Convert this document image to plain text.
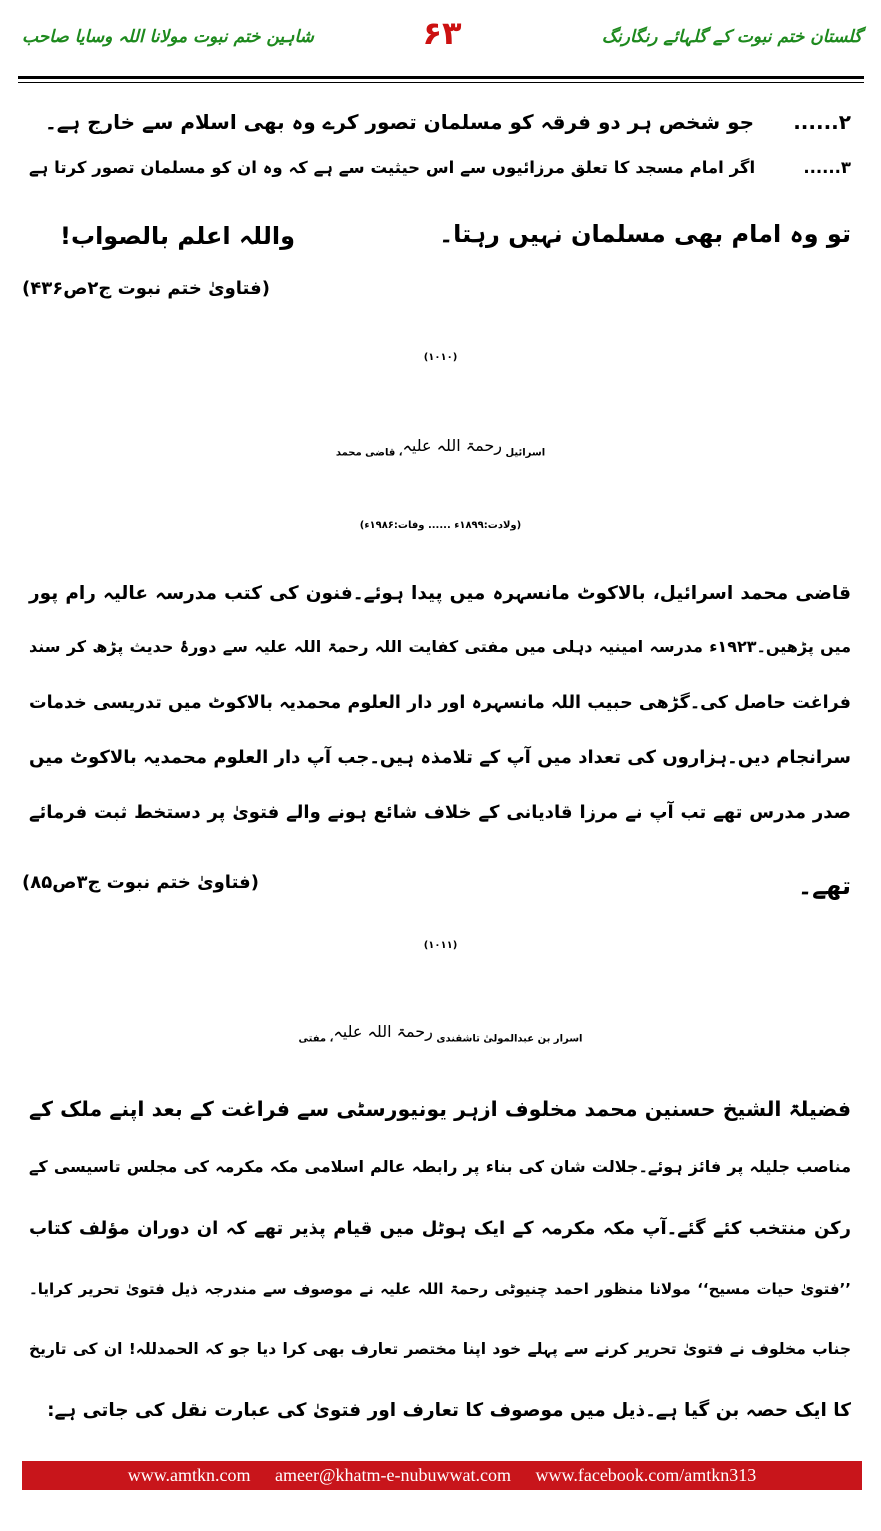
گلستان ختم نبوت کے گلہائے رنگارنگ
۶۳
شاہین ختم نبوت مولانا اللہ وسایا صاحب
۲...... جو شخص ہر دو فرقہ کو مسلمان تصور کرے وہ بھی اسلام سے خارج ہے۔
۳...... اگر امام مسجد کا تعلق مرزائیوں سے اس حیثیت سے ہے کہ وہ ان کو مسلمان تصور کرتا ہے
تو وہ امام بھی مسلمان نہیں رہتا۔
واللہ اعلم بالصواب!
(فتاویٰ ختم نبوت ج۲ص۴۳۶)
(۱۰۱۰)
اسرائیل رحمۃ اللہ علیہ، قاضی محمد
(ولادت:۱۸۹۹ء ...... وفات:۱۹۸۶ء)
قاضی محمد اسرائیل، بالاکوٹ مانسہرہ میں پیدا ہوئے۔فنون کی کتب مدرسہ عالیہ رام پور
میں پڑھیں۔۱۹۲۳ء مدرسہ امینیہ دہلی میں مفتی کفایت اللہ رحمۃ اللہ علیہ سے دورۂ حدیث پڑھ کر سند
فراغت حاصل کی۔گڑھی حبیب اللہ مانسہرہ اور دار العلوم محمدیہ بالاکوٹ میں تدریسی خدمات
سرانجام دیں۔ہزاروں کی تعداد میں آپ کے تلامذہ ہیں۔جب آپ دار العلوم محمدیہ بالاکوٹ میں
صدر مدرس تھے تب آپ نے مرزا قادیانی کے خلاف شائع ہونے والے فتویٰ پر دستخط ثبت فرمائے
تھے۔
(فتاویٰ ختم نبوت ج۳ص۸۵)
(۱۰۱۱)
اسرار بن عبدالمولیٰ تاشقندی رحمۃ اللہ علیہ، مفتی
فضیلۃ الشیخ حسنین محمد مخلوف ازہر یونیورسٹی سے فراغت کے بعد اپنے ملک کے
مناصب جلیلہ پر فائز ہوئے۔جلالت شان کی بناء پر رابطہ عالم اسلامی مکہ مکرمہ کی مجلس تاسیسی کے
رکن منتخب کئے گئے۔آپ مکہ مکرمہ کے ایک ہوٹل میں قیام پذیر تھے کہ ان دوران مؤلف کتاب
’’فتویٰ حیات مسیح‘‘ مولانا منظور احمد چنیوٹی رحمۃ اللہ علیہ نے موصوف سے مندرجہ ذیل فتویٰ تحریر کرایا۔
جناب مخلوف نے فتویٰ تحریر کرنے سے پہلے خود اپنا مختصر تعارف بھی کرا دیا جو کہ الحمدللہ! ان کی تاریخ
کا ایک حصہ بن گیا ہے۔ذیل میں موصوف کا تعارف اور فتویٰ کی عبارت نقل کی جاتی ہے:
www.amtkn.com ameer@khatm-e-nubuwwat.com www.facebook.com/amtkn313
